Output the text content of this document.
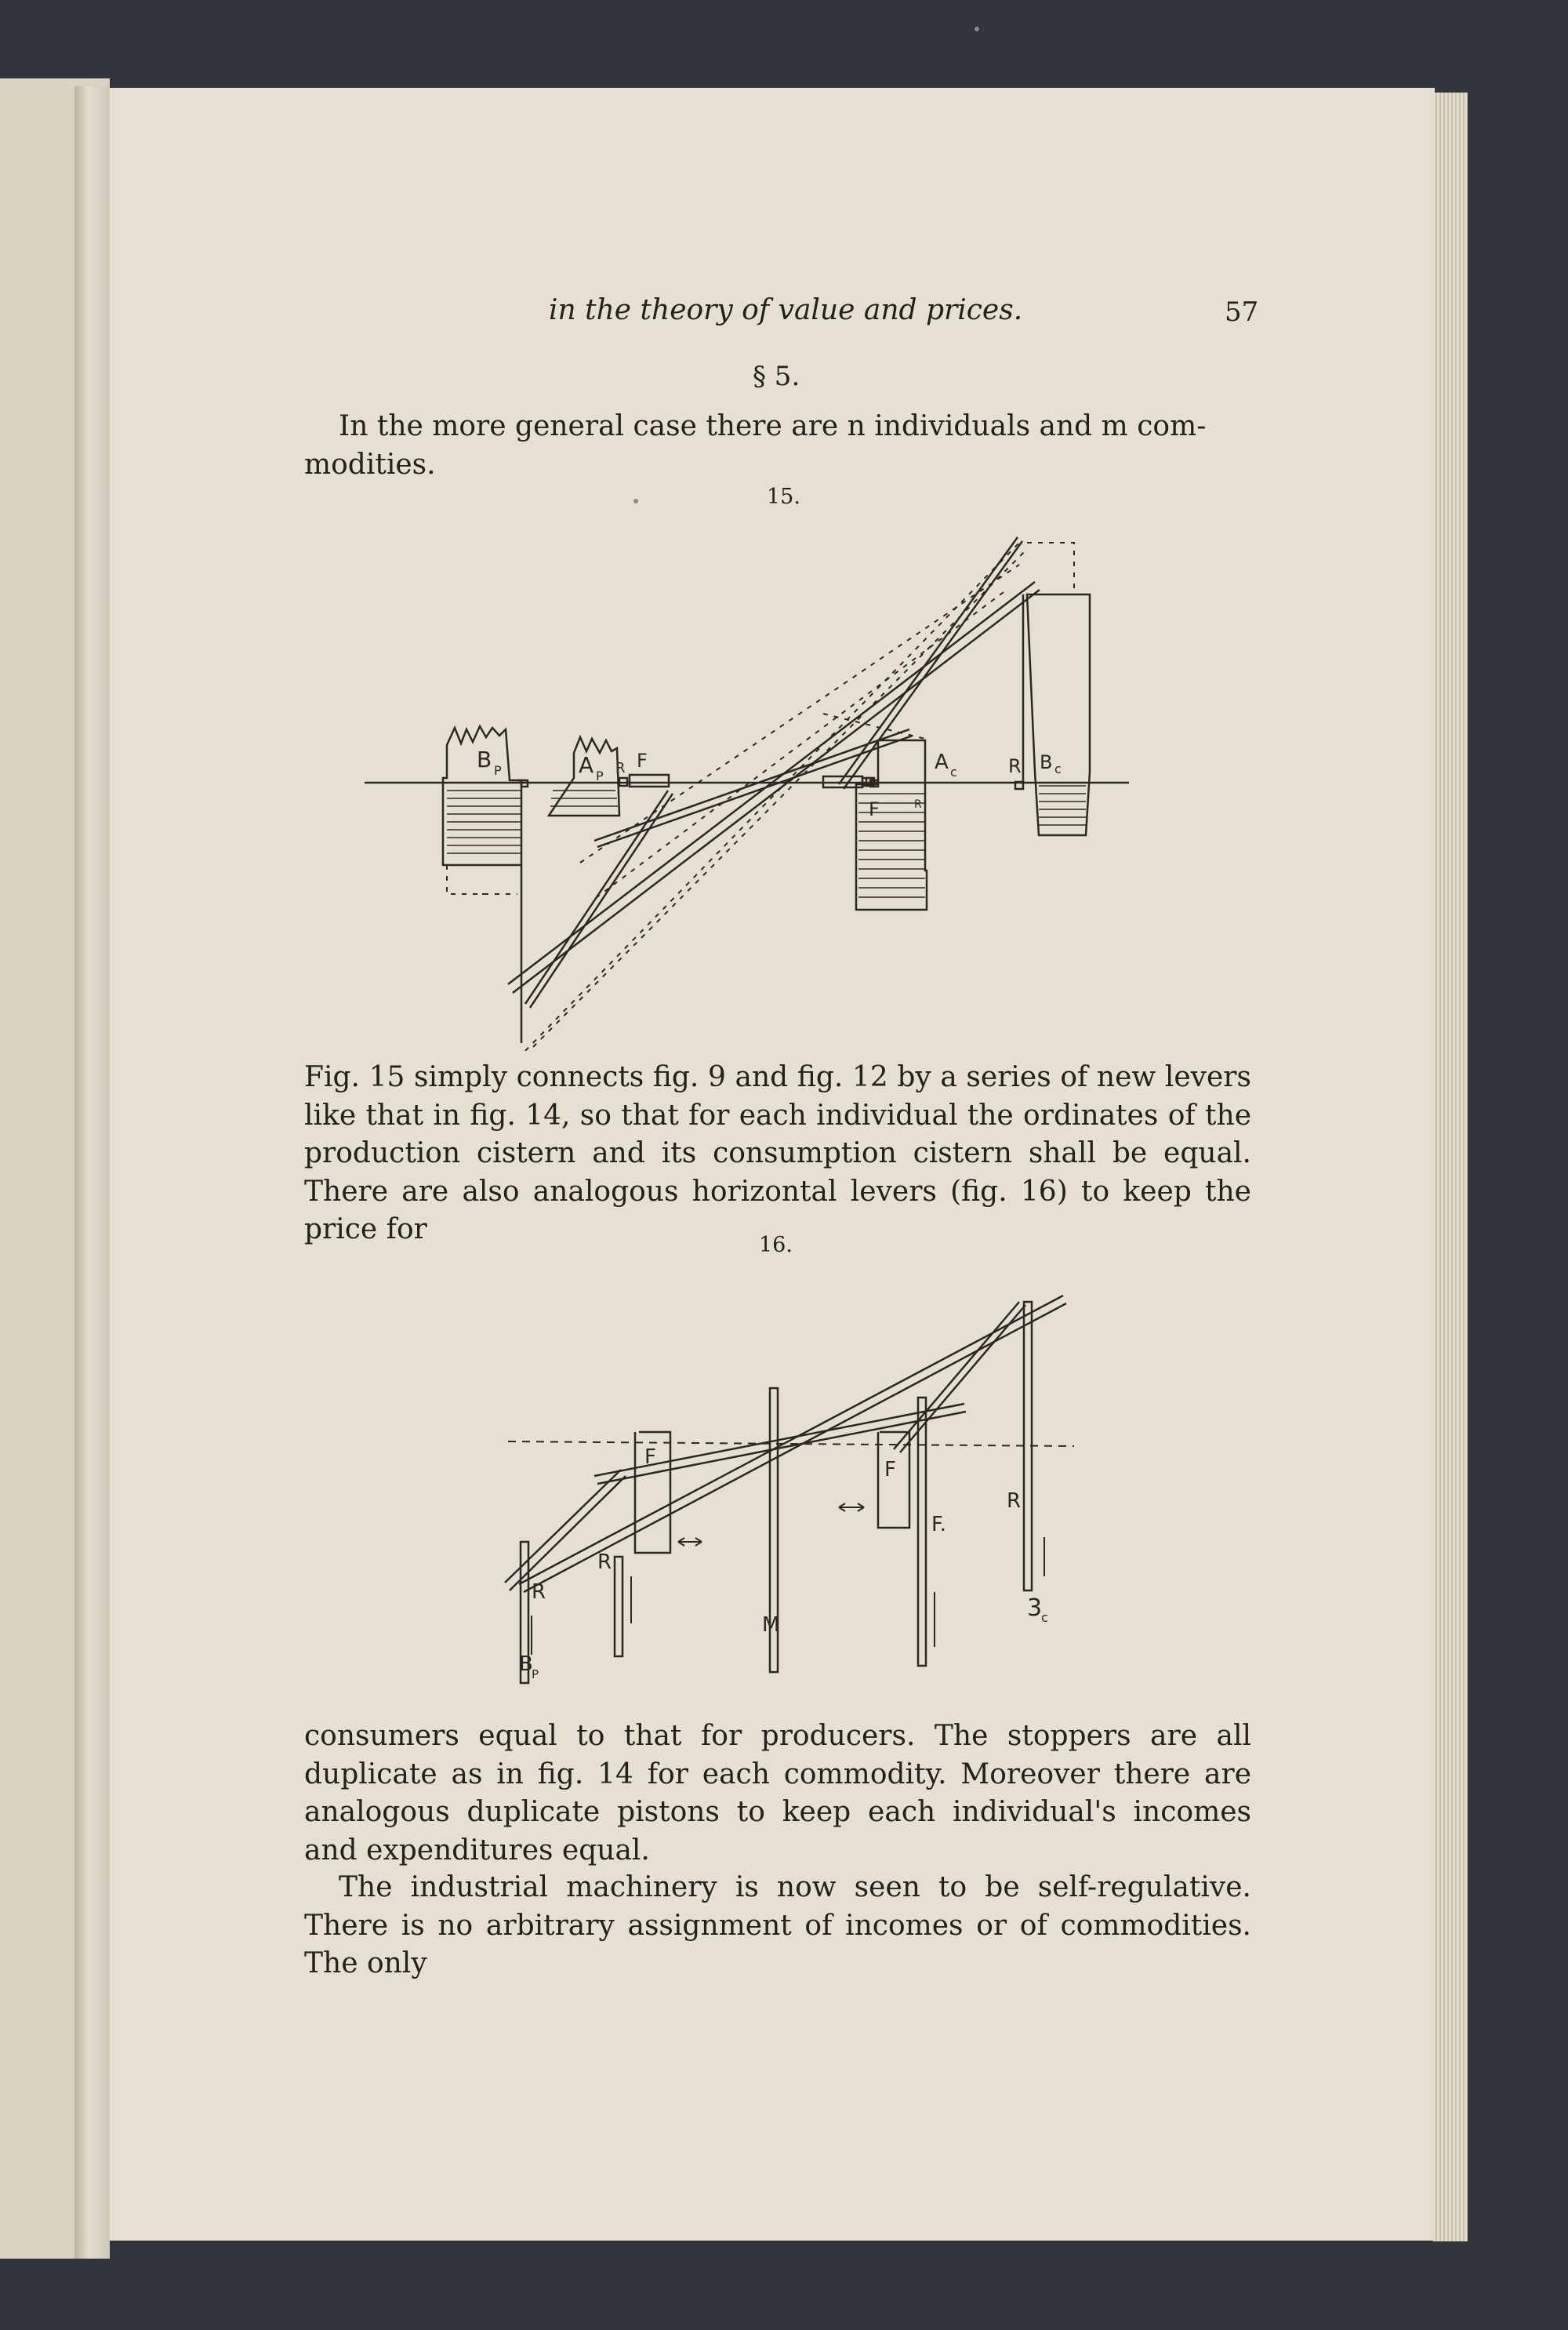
in the theory of value and prices.	57
§ 5.
In the more general case there are n individuals and m com-
modities.
15.
B P	A P R F
F	R
A c	R B c
Fig. 15 simply connects fig. 9 and fig. 12 by a series of new levers like that in fig. 14, so that for each individual the ordinates of the production cistern and its consumption cistern shall be equal. There are also analogous horizontal levers (fig. 16) to keep the price for	16.
R
R
F
M
F
F.
R
B
P
3
c
consumers equal to that for producers. The stoppers are all duplicate as in fig. 14 for each commodity. Moreover there are analogous duplicate pistons to keep each individual's incomes and expenditures equal.
The industrial machinery is now seen to be self-regulative. There is no arbitrary assignment of incomes or of commodities. The only
